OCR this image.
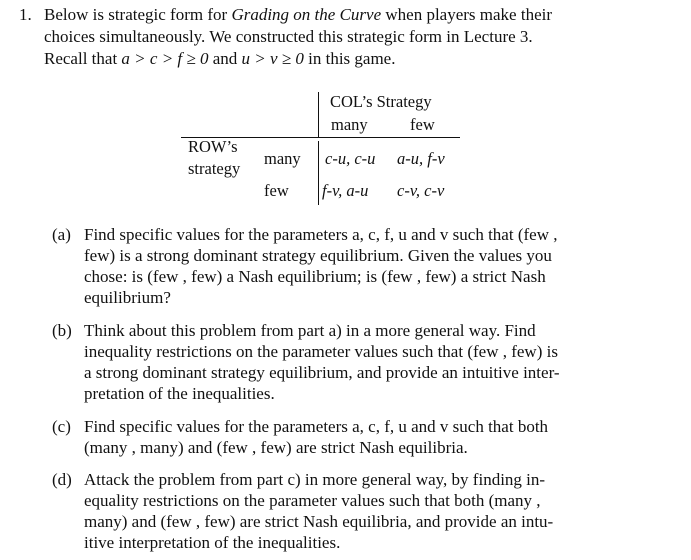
1. Below is strategic form for Grading on the Curve when players make their
choices simultaneously. We constructed this strategic form in Lecture 3.
Recall that a > c > f ≥ 0 and u > v ≥ 0 in this game.
COL’s Strategy
many	few
ROW’s
strategy
many
few
c-u, c-u a-u, f-v
f-v, a-u c-v, c-v
(a) Find specific values for the parameters a, c, f, u and v such that (few ,
few) is a strong dominant strategy equilibrium. Given the values you
chose: is (few , few) a Nash equilibrium; is (few , few) a strict Nash
equilibrium?
(b) Think about this problem from part a) in a more general way. Find
inequality restrictions on the parameter values such that (few , few) is
a strong dominant strategy equilibrium, and provide an intuitive inter-
pretation of the inequalities.
(c) Find specific values for the parameters a, c, f, u and v such that both
(many , many) and (few , few) are strict Nash equilibria.
(d) Attack the problem from part c) in more general way, by finding in-
equality restrictions on the parameter values such that both (many ,
many) and (few , few) are strict Nash equilibria, and provide an intu-
itive interpretation of the inequalities.
